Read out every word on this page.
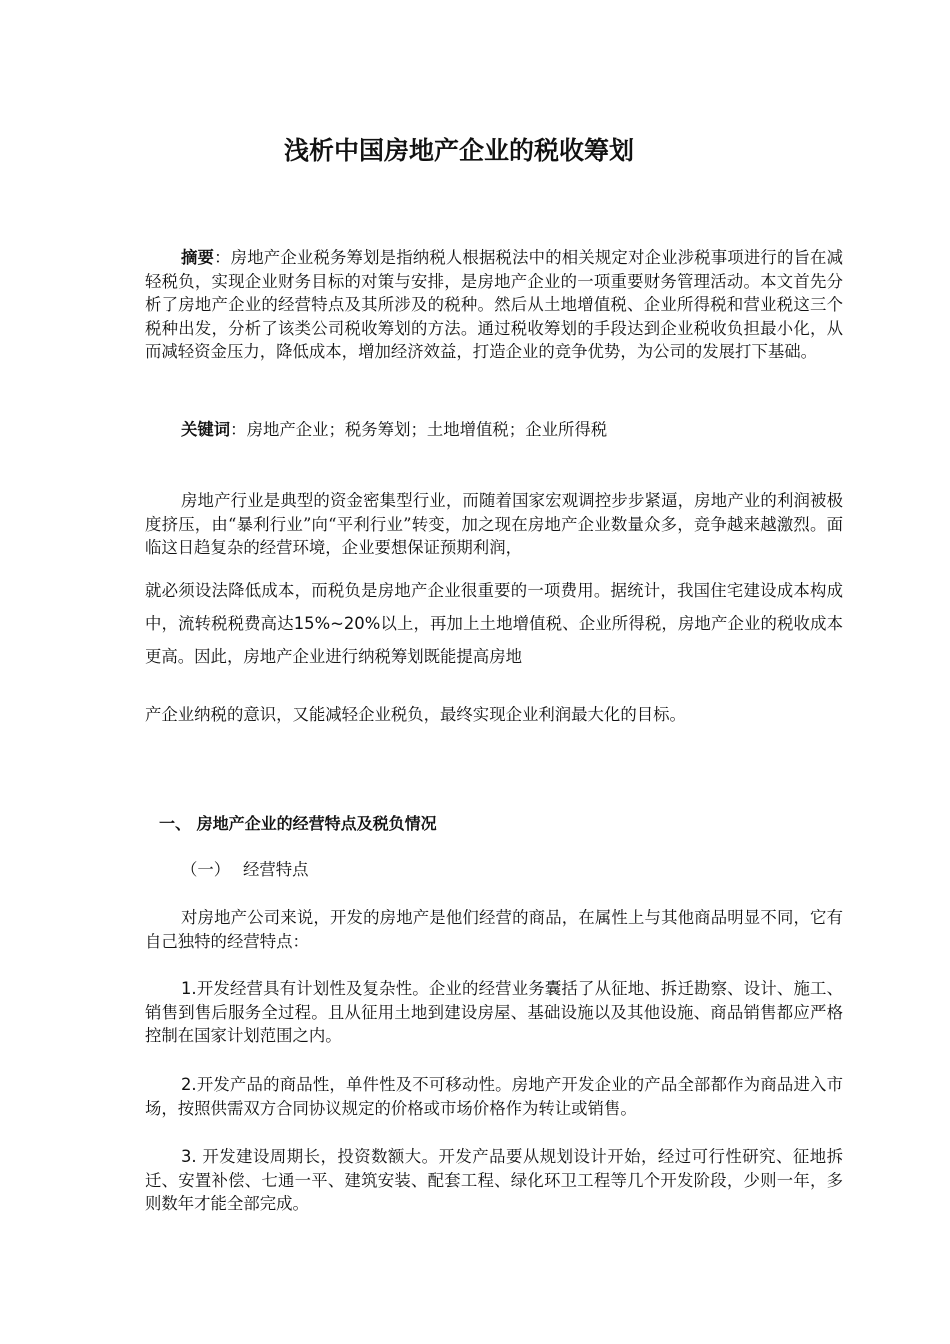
浅析中国房地产企业的税收筹划

摘要：房地产企业税务筹划是指纳税人根据税法中的相关规定对企业涉税事项进行的旨在减轻税负，实现企业财务目标的对策与安排，是房地产企业的一项重要财务管理活动。本文首先分析了房地产企业的经营特点及其所涉及的税种。然后从土地增值税、企业所得税和营业税这三个税种出发，分析了该类公司税收筹划的方法。通过税收筹划的手段达到企业税收负担最小化，从而减轻资金压力，降低成本，增加经济效益，打造企业的竞争优势，为公司的发展打下基础。

关键词：房地产企业；税务筹划；土地增值税；企业所得税

房地产行业是典型的资金密集型行业，而随着国家宏观调控步步紧逼，房地产业的利润被极度挤压，由“暴利行业”向“平利行业”转变，加之现在房地产企业数量众多，竞争越来越激烈。面临这日趋复杂的经营环境，企业要想保证预期利润，

就必须设法降低成本，而税负是房地产企业很重要的一项费用。据统计，我国住宅建设成本构成中，流转税税费高达15%~20%以上，再加上土地增值税、企业所得税，房地产企业的税收成本更高。因此，房地产企业进行纳税筹划既能提高房地

产企业纳税的意识，又能减轻企业税负，最终实现企业利润最大化的目标。

一、 房地产企业的经营特点及税负情况

（一） 经营特点

对房地产公司来说，开发的房地产是他们经营的商品，在属性上与其他商品明显不同，它有自己独特的经营特点：

1.开发经营具有计划性及复杂性。企业的经营业务囊括了从征地、拆迁勘察、设计、施工、销售到售后服务全过程。且从征用土地到建设房屋、基础设施以及其他设施、商品销售都应严格控制在国家计划范围之内。

2.开发产品的商品性，单件性及不可移动性。房地产开发企业的产品全部都作为商品进入市场，按照供需双方合同协议规定的价格或市场价格作为转让或销售。

3. 开发建设周期长，投资数额大。开发产品要从规划设计开始，经过可行性研究、征地拆迁、安置补偿、七通一平、建筑安装、配套工程、绿化环卫工程等几个开发阶段，少则一年，多则数年才能全部完成。
